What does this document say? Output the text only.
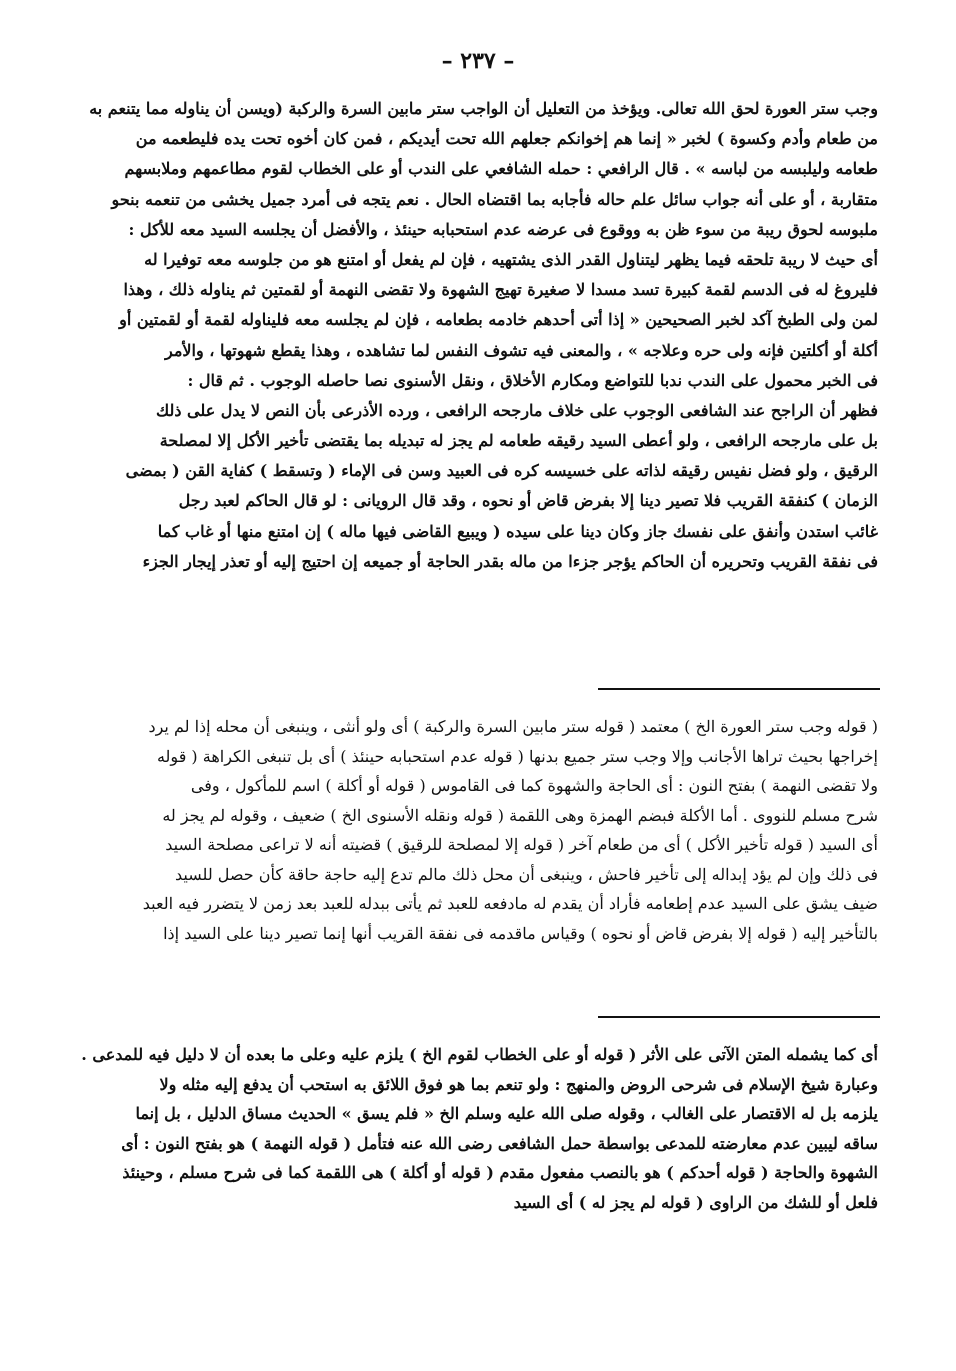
– ٢٣٧ –

وجب ستر العورة لحق الله تعالى. ويؤخذ من التعليل أن الواجب ستر مابين السرة والركبة (ويسن أن يناوله مما يتنعم به

من طعام وأدم وكسوة ) لخبر « إنما هم إخوانكم جعلهم الله تحت أيديكم ، فمن كان أخوه تحت يده فليطعمه من

طعامه وليلبسه من لباسه » . قال الرافعي : حمله الشافعي على الندب أو على الخطاب لقوم مطاعمهم وملابسهم

متقاربة ، أو على أنه جواب سائل علم حاله فأجابه بما اقتضاه الحال . نعم يتجه فى أمرد جميل يخشى من تنعمه بنحو

ملبوسه لحوق ريبة من سوء ظن به ووقوع فى عرضه عدم استحبابه حينئذ ، والأفضل أن يجلسه السيد معه للأكل :

أى حيث لا ريبة تلحقه فيما يظهر ليتناول القدر الذى يشتهيه ، فإن لم يفعل أو امتنع هو من جلوسه معه توفيرا له

فليروغ له فى الدسم لقمة كبيرة تسد مسدا لا صغيرة تهيج الشهوة ولا تقضى النهمة أو لقمتين ثم يناوله ذلك ، وهذا

لمن ولى الطبخ آكد لخبر الصحيحين « إذا أتى أحدهم خادمه بطعامه ، فإن لم يجلسه معه فليناوله لقمة أو لقمتين أو

أكلة أو أكلتين فإنه ولى حره وعلاجه » ، والمعنى فيه تشوف النفس لما تشاهده ، وهذا يقطع شهوتها ، والأمر

فى الخبر محمول على الندب ندبا للتواضع ومكارم الأخلاق ، ونقل الأسنوى نصا حاصله الوجوب . ثم قال :

فظهر أن الراجح عند الشافعى الوجوب على خلاف مارجحه الرافعى ، ورده الأذرعى بأن النص لا يدل على ذلك

بل على مارجحه الرافعى ، ولو أعطى السيد رقيقه طعامه لم يجز له تبديله بما يقتضى تأخير الأكل إلا لمصلحة

الرقيق ، ولو فضل نفيس رقيقه لذاته على خسيسه كره فى العبيد وسن فى الإماء ( وتسقط ) كفاية القن ( بمضى

الزمان ) كنفقة القريب فلا تصير دينا إلا بفرض قاض أو نحوه ، وقد قال الرويانى : لو قال الحاكم لعبد رجل

غائب استدن وأنفق على نفسك جاز وكان دينا على سيده ( ويبيع القاضى فيها ماله ) إن امتنع منها أو غاب كما

فى نفقة القريب وتحريره أن الحاكم يؤجر جزءا من ماله بقدر الحاجة أو جميعه إن احتيج إليه أو تعذر إيجار الجزء

( قوله وجب ستر العورة الخ ) معتمد ( قوله ستر مابين السرة والركبة ) أى ولو أنثى ، وينبغى أن محله إذا لم يرد

إخراجها بحيث تراها الأجانب وإلا وجب ستر جميع بدنها ( قوله عدم استحبابه حينئذ ) أى بل تنبغى الكراهة ( قوله

ولا تقضى النهمة ) بفتح النون : أى الحاجة والشهوة كما فى القاموس ( قوله أو أكلة ) اسم للمأكول ، وفى

شرح مسلم للنووى . أما الأكلة فبضم الهمزة وهى اللقمة ( قوله ونقله الأسنوى الخ ) ضعيف ، وقوله لم يجز له

أى السيد ( قوله تأخير الأكل ) أى من طعام آخر ( قوله إلا لمصلحة للرقيق ) قضيته أنه لا تراعى مصلحة السيد

فى ذلك وإن لم يؤد إبداله إلى تأخير فاحش ، وينبغى أن محل ذلك مالم تدع إليه حاجة حاقة كأن حصل للسيد

ضيف يشق على السيد عدم إطعامه فأراد أن يقدم له مادفعه للعبد ثم يأتى ببدله للعبد بعد زمن لا يتضرر فيه العبد

بالتأخير إليه ( قوله إلا بفرض قاض أو نحوه ) وقياس ماقدمه فى نفقة القريب أنها إنما تصير دينا على السيد إذا

أى كما يشمله المتن الآتى على الأثر ( قوله أو على الخطاب لقوم الخ ) يلزم عليه وعلى ما بعده أن لا دليل فيه للمدعى .

وعبارة شيخ الإسلام فى شرحى الروض والمنهج : ولو تنعم بما هو فوق اللائق به استحب أن يدفع إليه مثله ولا

يلزمه بل له الاقتصار على الغالب ، وقوله صلى الله عليه وسلم الخ « فلم يسق » الحديث مساق الدليل ، بل إنما

ساقه ليبين عدم معارضته للمدعى بواسطة حمل الشافعى رضى الله عنه فتأمل ( قوله النهمة ) هو بفتح النون : أى

الشهوة والحاجة ( قوله أحدكم ) هو بالنصب مفعول مقدم ( قوله أو أكلة ) هى اللقمة كما فى شرح مسلم ، وحينئذ

فلعل أو للشك من الراوى ( قوله لم يجز له ) أى السيد
